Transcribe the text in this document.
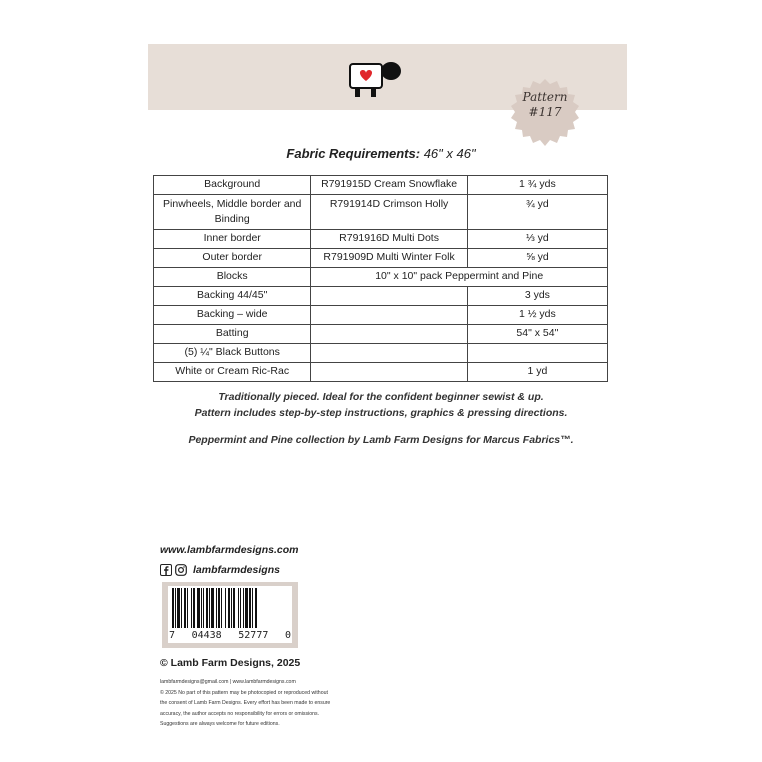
Pattern
#117
Fabric Requirements: 46" x 46"
Background	R791915D Cream Snowflake	1 ¾ yds
Pinwheels, Middle border and Binding	R791914D Crimson Holly	¾ yd
Inner border	R791916D Multi Dots	⅓ yd
Outer border	R791909D Multi Winter Folk	⅝ yd
Blocks	10" x 10" pack Peppermint and Pine	
Backing 44/45"		3 yds
Backing – wide		1 ½ yds
Batting		54" x 54"
(5) ¼" Black Buttons		
White or Cream Ric-Rac		1 yd
Traditionally pieced. Ideal for the confident beginner sewist & up.
Pattern includes step-by-step instructions, graphics & pressing directions.
Peppermint and Pine collection by Lamb Farm Designs for Marcus Fabrics™.
www.lambfarmdesigns.com
lambfarmdesigns
7 04438 52777 0
© Lamb Farm Designs, 2025
lambfarmdesigns@gmail.com | www.lambfarmdesigns.com
© 2025 No part of this pattern may be photocopied or reproduced without
the consent of Lamb Farm Designs. Every effort has been made to ensure
accuracy, the author accepts no responsibility for errors or omissions.
Suggestions are always welcome for future editions.
